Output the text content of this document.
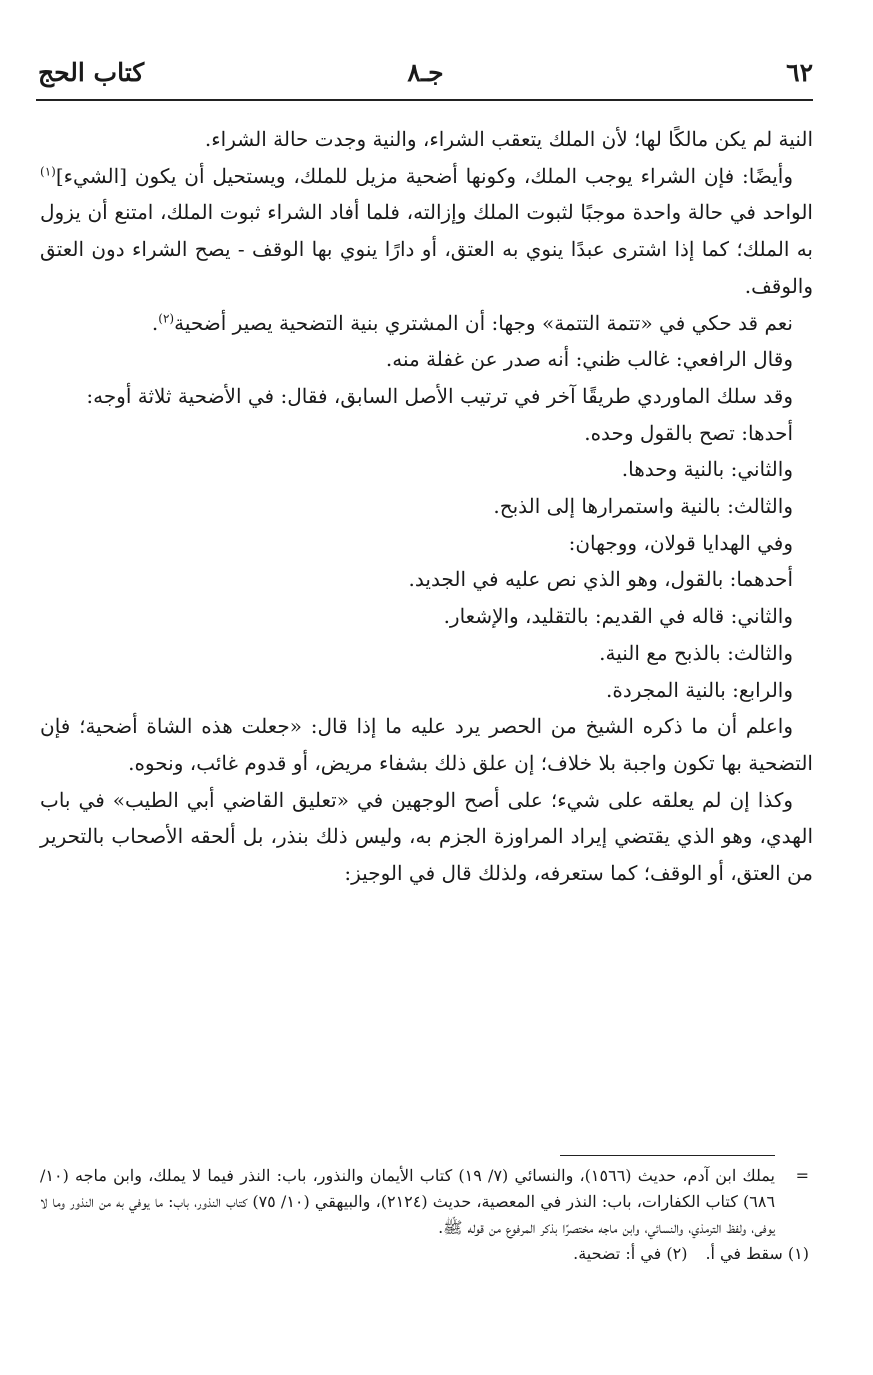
٦٢
جـ٨
كتاب الحج

النية لم يكن مالكًا لها؛ لأن الملك يتعقب الشراء، والنية وجدت حالة الشراء.

وأيضًا: فإن الشراء يوجب الملك، وكونها أضحية مزيل للملك، ويستحيل أن يكون [الشيء]$^{(١)}$ الواحد في حالة واحدة موجبًا لثبوت الملك وإزالته، فلما أفاد الشراء ثبوت الملك، امتنع أن يزول به الملك؛ كما إذا اشترى عبدًا ينوي به العتق، أو دارًا ينوي بها الوقف - يصح الشراء دون العتق والوقف.

نعم قد حكي في «تتمة التتمة» وجها: أن المشتري بنية التضحية يصير أضحية$^{(٢)}$.

وقال الرافعي: غالب ظني: أنه صدر عن غفلة منه.

وقد سلك الماوردي طريقًا آخر في ترتيب الأصل السابق، فقال: في الأضحية ثلاثة أوجه:

أحدها: تصح بالقول وحده.

والثاني: بالنية وحدها.

والثالث: بالنية واستمرارها إلى الذبح.

وفي الهدايا قولان، ووجهان:

أحدهما: بالقول، وهو الذي نص عليه في الجديد.

والثاني: قاله في القديم: بالتقليد، والإشعار.

والثالث: بالذبح مع النية.

والرابع: بالنية المجردة.

واعلم أن ما ذكره الشيخ من الحصر يرد عليه ما إذا قال: «جعلت هذه الشاة أضحية؛ فإن التضحية بها تكون واجبة بلا خلاف؛ إن علق ذلك بشفاء مريض، أو قدوم غائب، ونحوه.

وكذا إن لم يعلقه على شيء؛ على أصح الوجهين في «تعليق القاضي أبي الطيب» في باب الهدي، وهو الذي يقتضي إيراد المراوزة الجزم به، وليس ذلك بنذر، بل ألحقه الأصحاب بالتحرير من العتق، أو الوقف؛ كما ستعرفه، ولذلك قال في الوجيز:

=
يملك ابن آدم، حديث (١٥٦٦)، والنسائي (٧/ ١٩) كتاب الأيمان والنذور، باب: النذر فيما لا يملك، وابن ماجه (١٠/ ٦٨٦) كتاب الكفارات، باب: النذر في المعصية، حديث (٢١٢٤)، والبيهقي (١٠/ ٧٥) كتاب النذور، باب: ما يوفي به من النذور وما لا يوفى، ولفظ الترمذي، والنسائي، وابن ماجه مختصرًا بذكر المرفوع من قوله ﷺ.
(١) سقط في أ.
(٢) في أ: تضحية.
